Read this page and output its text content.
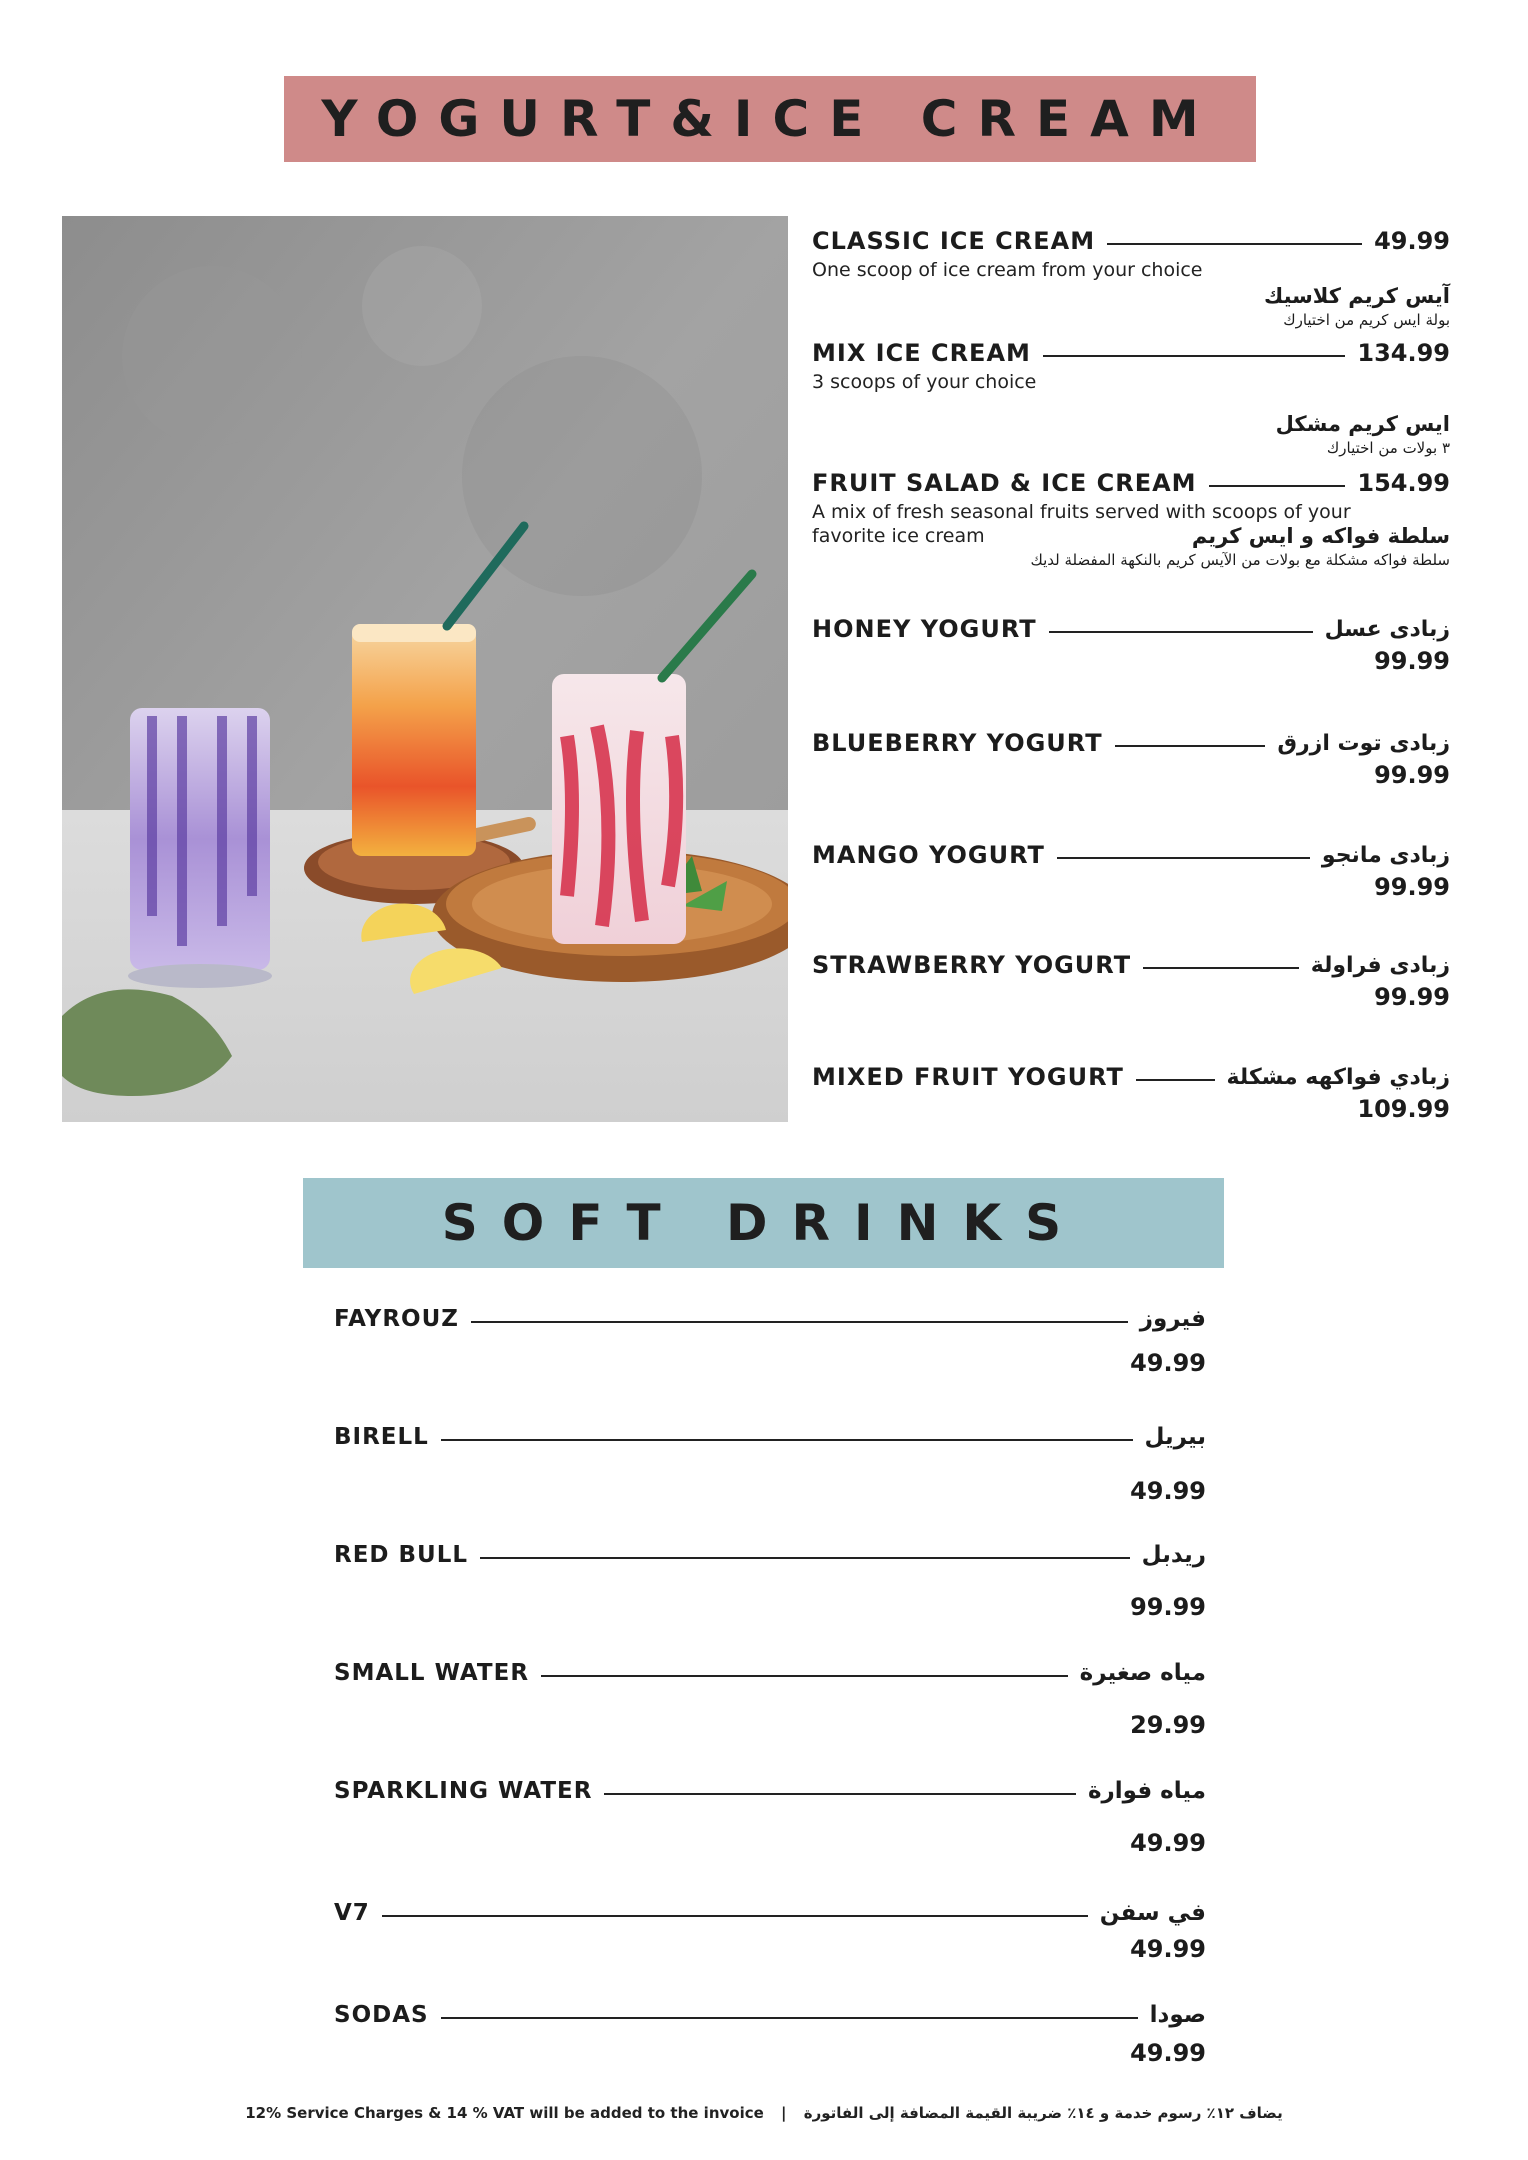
YOGURT&ICE CREAM
CLASSIC ICE CREAM	49.99
One scoop of ice cream from your choice
آيس كريم كلاسيك
بولة ايس كريم من اختيارك
MIX ICE CREAM	134.99
3 scoops of your choice
ايس كريم مشكل
٣ بولات من اختيارك
FRUIT SALAD & ICE CREAM	154.99
A mix of fresh seasonal fruits served with scoops of your favorite ice cream	سلطة فواكه و ايس كريم
سلطة فواكه مشكلة مع بولات من الآيس كريم بالنكهة المفضلة لديك
HONEY YOGURT	زبادى عسل
99.99
BLUEBERRY YOGURT	زبادى توت ازرق
99.99
MANGO YOGURT	زبادى مانجو
99.99
STRAWBERRY YOGURT	زبادى فراولة
99.99
MIXED FRUIT YOGURT	زبادي فواكهه مشكلة
109.99
SOFT DRINKS
FAYROUZ	فيروز
49.99
BIRELL	بيريل
49.99
RED BULL	ريدبل
99.99
SMALL WATER	مياه صغيرة
29.99
SPARKLING WATER	مياه فوارة
49.99
V7	في سفن
49.99
SODAS	صودا
49.99
12% Service Charges & 14 % VAT will be added to the invoice | يضاف ١٢٪ رسوم خدمة و ١٤٪ ضريبة القيمة المضافة إلى الفاتورة
